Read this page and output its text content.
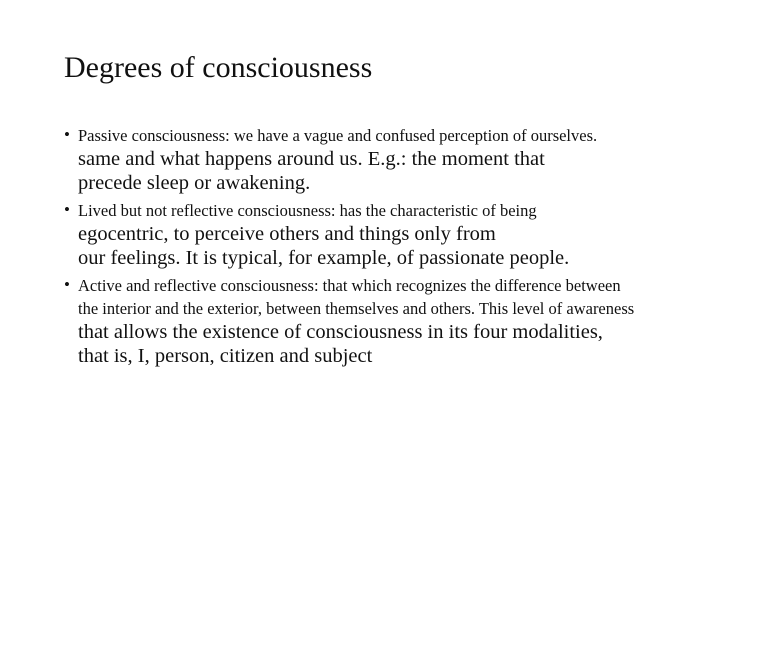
Degrees of consciousness
• Passive consciousness: we have a vague and confused perception of ourselves.
same and what happens around us. E.g.: the moment that
precede sleep or awakening.
• Lived but not reflective consciousness: has the characteristic of being
egocentric, to perceive others and things only from
our feelings. It is typical, for example, of passionate people.
• Active and reflective consciousness: that which recognizes the difference between
the interior and the exterior, between themselves and others. This level of awareness
that allows the existence of consciousness in its four modalities,
that is, I, person, citizen and subject
